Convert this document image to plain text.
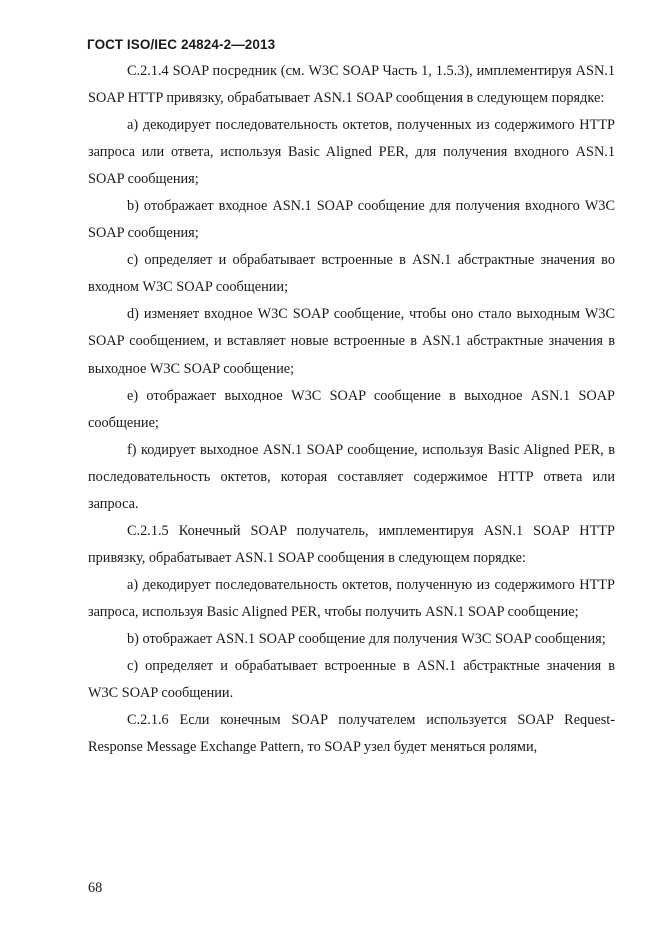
ГОСТ ISO/IEC 24824-2—2013

С.2.1.4 SOAP посредник (см. W3C SOAP Часть 1, 1.5.3), имплементируя ASN.1 SOAP HTTP привязку, обрабатывает ASN.1 SOAP сообщения в следующем порядке:

а) декодирует последовательность октетов, полученных из содержимого HTTP запроса или ответа, используя Basic Aligned PER, для получения входного ASN.1 SOAP сообщения;

b) отображает входное ASN.1 SOAP сообщение для получения входного W3C SOAP сообщения;

с) определяет и обрабатывает встроенные в ASN.1 абстрактные значения во входном W3C SOAP сообщении;

d) изменяет входное W3C SOAP сообщение, чтобы оно стало выходным W3C SOAP сообщением, и вставляет новые встроенные в ASN.1 абстрактные значения в выходное W3C SOAP сообщение;

е) отображает выходное W3C SOAP сообщение в выходное ASN.1 SOAP сообщение;

f) кодирует выходное ASN.1 SOAP сообщение, используя Basic Aligned PER, в последовательность октетов, которая составляет содержимое HTTP ответа или запроса.

С.2.1.5 Конечный SOAP получатель, имплементируя ASN.1 SOAP HTTP привязку, обрабатывает ASN.1 SOAP сообщения в следующем порядке:

а) декодирует последовательность октетов, полученную из содержимого HTTP запроса, используя Basic Aligned PER, чтобы получить ASN.1 SOAP сообщение;

b) отображает ASN.1 SOAP сообщение для получения W3C SOAP сообщения;

с) определяет и обрабатывает встроенные в ASN.1 абстрактные значения в W3C SOAP сообщении.

С.2.1.6 Если конечным SOAP получателем используется SOAP Request-Response Message Exchange Pattern, то SOAP узел будет меняться ролями,

68
